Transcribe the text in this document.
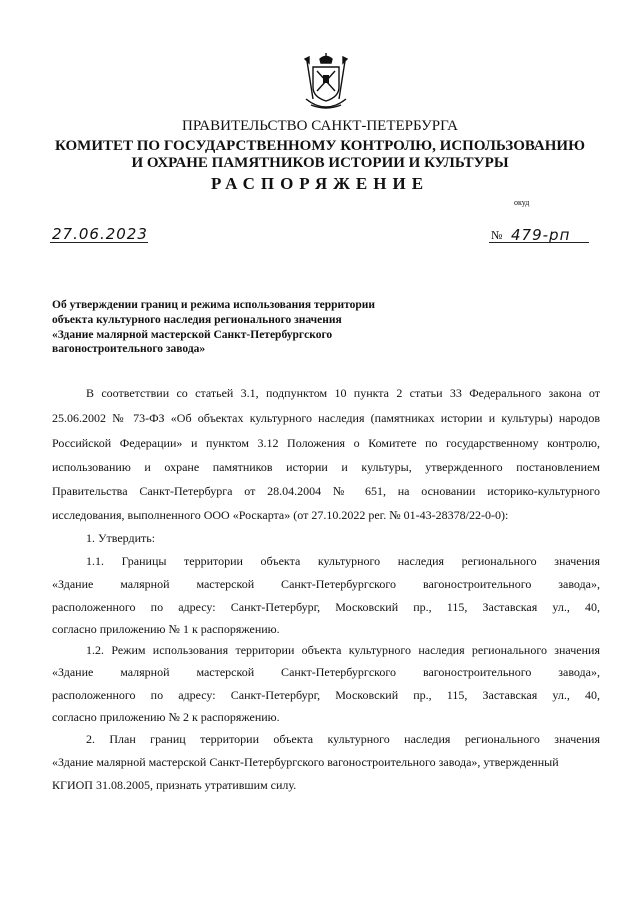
ПРАВИТЕЛЬСТВО САНКТ-ПЕТЕРБУРГА
КОМИТЕТ ПО ГОСУДАРСТВЕННОМУ КОНТРОЛЮ, ИСПОЛЬЗОВАНИЮ
И ОХРАНЕ ПАМЯТНИКОВ ИСТОРИИ И КУЛЬТУРЫ
РАСПОРЯЖЕНИЕ
окуд
27.06.2023	№ 479-рп
Об утверждении границ и режима использования территории
объекта культурного наследия регионального значения
«Здание малярной мастерской Санкт-Петербургского
вагоностроительного завода»
В соответствии со статьей 3.1, подпунктом 10 пункта 2 статьи 33 Федерального закона от
25.06.2002 № 73-ФЗ «Об объектах культурного наследия (памятниках истории и культуры) народов
Российской Федерации» и пунктом 3.12 Положения о Комитете по государственному контролю,
использованию и охране памятников истории и культуры, утвержденного постановлением
Правительства Санкт-Петербурга от 28.04.2004 № 651, на основании историко-культурного
исследования, выполненного ООО «Роскарта» (от 27.10.2022 рег. № 01-43-28378/22-0-0):
1. Утвердить:
1.1. Границы территории объекта культурного наследия регионального значения
«Здание малярной мастерской Санкт-Петербургского вагоностроительного завода»,
расположенного по адресу: Санкт-Петербург, Московский пр., 115, Заставская ул., 40,
согласно приложению № 1 к распоряжению.
1.2. Режим использования территории объекта культурного наследия регионального значения
«Здание малярной мастерской Санкт-Петербургского вагоностроительного завода»,
расположенного по адресу: Санкт-Петербург, Московский пр., 115, Заставская ул., 40,
согласно приложению № 2 к распоряжению.
2. План границ территории объекта культурного наследия регионального значения
«Здание малярной мастерской Санкт-Петербургского вагоностроительного завода», утвержденный
КГИОП 31.08.2005, признать утратившим силу.
